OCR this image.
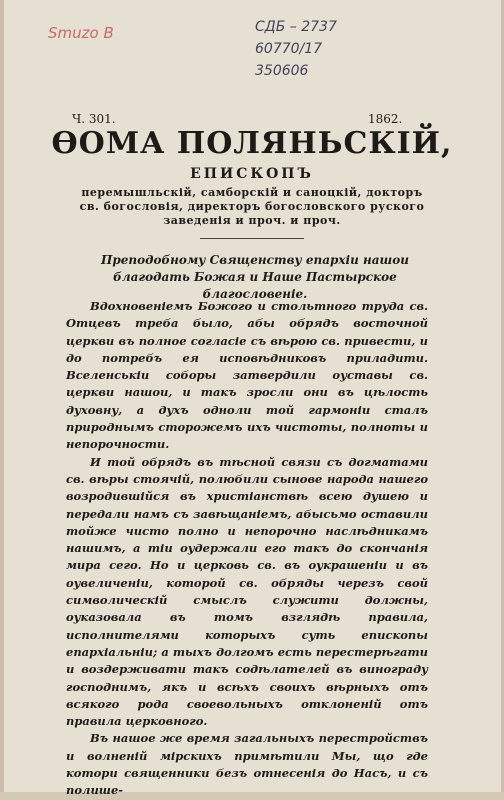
Smuzo B	СДБ – 2737
60770/17
350606
Ч. 301.	1862.
ѲОМА ПОЛЯНЬСКІЙ,
ЕПИСКОПЪ
перемышльскій, самборскій и саноцкій, докторъ св. богословія, директоръ богословского рускогo заведенія и проч. и проч.
Преподобному Священству епархіи нашои благодать Божая и Наше Пастырское благословеніе.

Вдохновеніемъ Божого и стольтного труда св. Отцевъ треба было, абы обрядъ восточной церкви въ полное согласіе съ вѣрою св. привести, и до потребъ ея исповѣдниковъ приладити. Вселенськіи соборы затвердили оуставы св. церкви нашои, и такъ зросли они въ цѣлость духовну, а духъ одноли той гармоніи сталъ природнымъ сторожемъ ихъ чистоты, полноты и непорочности.

И той обрядъ въ тѣсной связи съ догматами св. вѣры стоячій, полюбили сынове народа нашего возродившійся въ христіанствѣ всею душею и передали намъ съ завѣщаніемъ, абысьмо оставили тойже чисто полно и непорочно наслѣдникамъ нашимъ, а тіи оудержали его такъ до скончанія мира сего. Но и церковь св. въ оукрашеніи и въ оувеличеніи, которой св. обряды черезъ свой символическій смыслъ служити должны, оуказовала въ томъ взглядѣ правила, исполнителями которыхъ суть епископы епархіальніи; а тыхъ долгомъ есть перестерѣгати и воздерживати такъ содѣлателей въ винограду господнимъ, якъ и всѣхъ своихъ вѣрныхъ отъ всякого рода своевольныхъ отклоненій отъ правила церковного.

Въ нашое же время загальныхъ перестройствъ и волненій мірскихъ примѣтили Мы, що где котори священники безъ отнесенія до Насъ, и съ полише-
